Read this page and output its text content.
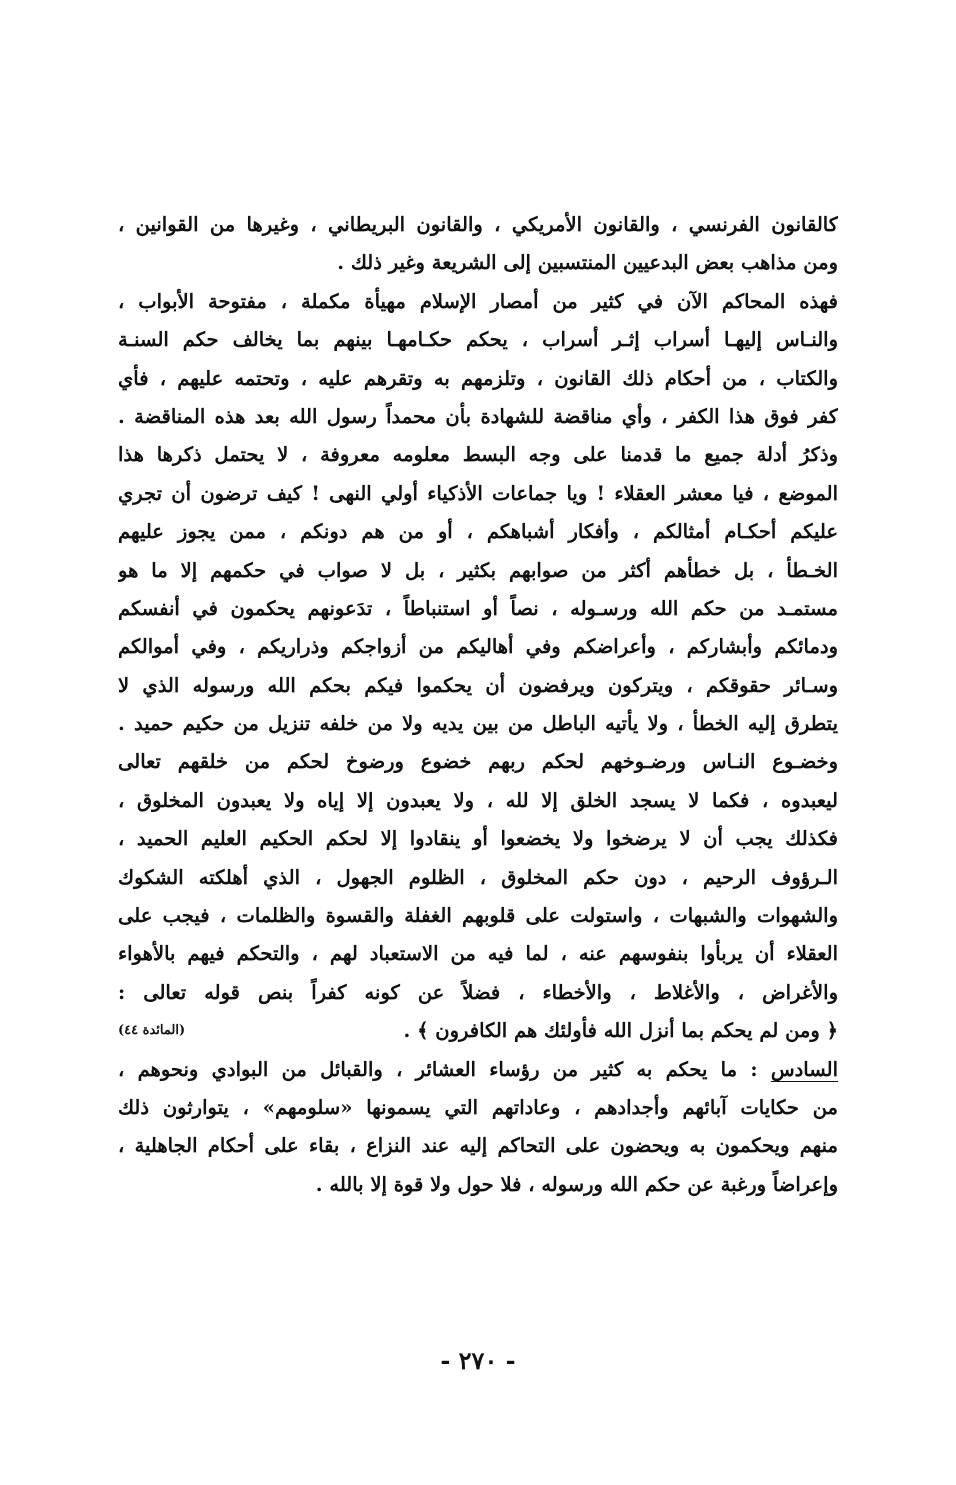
كالقانون الفرنسي ، والقانون الأمريكي ، والقانون البريطاني ، وغيرها من القوانين ،
ومن مذاهب بعض البدعيين المنتسبين إلى الشريعة وغير ذلك .
فهذه المحاكم الآن في كثير من أمصار الإسلام مهيأة مكملة ، مفتوحة الأبواب ،
والنـاس إليهـا أسراب إثـر أسراب ، يحكم حكـامهـا بينهم بما يخالف حكم السنـة
والكتاب ، من أحكام ذلك القانون ، وتلزمهم به وتقرهم عليه ، وتحتمه عليهم ، فأي
كفر فوق هذا الكفر ، وأي مناقضة للشهادة بأن محمداً رسول الله بعد هذه المناقضة .
وذكرُ أدلة جميع ما قدمنا على وجه البسط معلومه معروفة ، لا يحتمل ذكرها هذا
الموضع ، فيا معشر العقلاء ! ويا جماعات الأذكياء أولي النهى ! كيف ترضون أن تجري
عليكم أحكـام أمثالكم ، وأفكار أشباهكم ، أو من هم دونكم ، ممن يجوز عليهم
الخـطأ ، بل خطأهم أكثر من صوابهم بكثير ، بل لا صواب في حكمهم إلا ما هو
مستمـد من حكم الله ورسـوله ، نصاً أو استنباطاً ، تدَعونهم يحكمون في أنفسكم
ودمائكم وأبشاركم ، وأعراضكم وفي أهاليكم من أزواجكم وذراريكم ، وفي أموالكم
وسـائر حقوقكم ، ويتركون ويرفضون أن يحكموا فيكم بحكم الله ورسوله الذي لا
يتطرق إليه الخطأ ، ولا يأتيه الباطل من بين يديه ولا من خلفه تنزيل من حكيم حميد .
وخضـوع النـاس ورضـوخهم لحكم ربهم خضوع ورضوخ لحكم من خلقهم تعالى
ليعبدوه ، فكما لا يسجد الخلق إلا لله ، ولا يعبدون إلا إياه ولا يعبدون المخلوق ،
فكذلك يجب أن لا يرضخوا ولا يخضعوا أو ينقادوا إلا لحكم الحكيم العليم الحميد ،
الـرؤوف الرحيم ، دون حكم المخلوق ، الظلوم الجهول ، الذي أهلكته الشكوك
والشهوات والشبهات ، واستولت على قلوبهم الغفلة والقسوة والظلمات ، فيجب على
العقلاء أن يربأوا بنفوسهم عنه ، لما فيه من الاستعباد لهم ، والتحكم فيهم بالأهواء
والأغراض ، والأغلاط ، والأخطاء ، فضلاً عن كونه كفراً بنص قوله تعالى :
﴿ ومن لم يحكم بما أنزل الله فأولئك هم الكافرون ﴾ .
(المائدة ٤٤)
السادس : ما يحكم به كثير من رؤساء العشائر ، والقبائل من البوادي ونحوهم ،
من حكايات آبائهم وأجدادهم ، وعاداتهم التي يسمونها «سلومهم» ، يتوارثون ذلك
منهم ويحكمون به ويحضون على التحاكم إليه عند النزاع ، بقاء على أحكام الجاهلية ،
وإعراضاً ورغبة عن حكم الله ورسوله ، فلا حول ولا قوة إلا بالله .
- ٢٧٠ -
